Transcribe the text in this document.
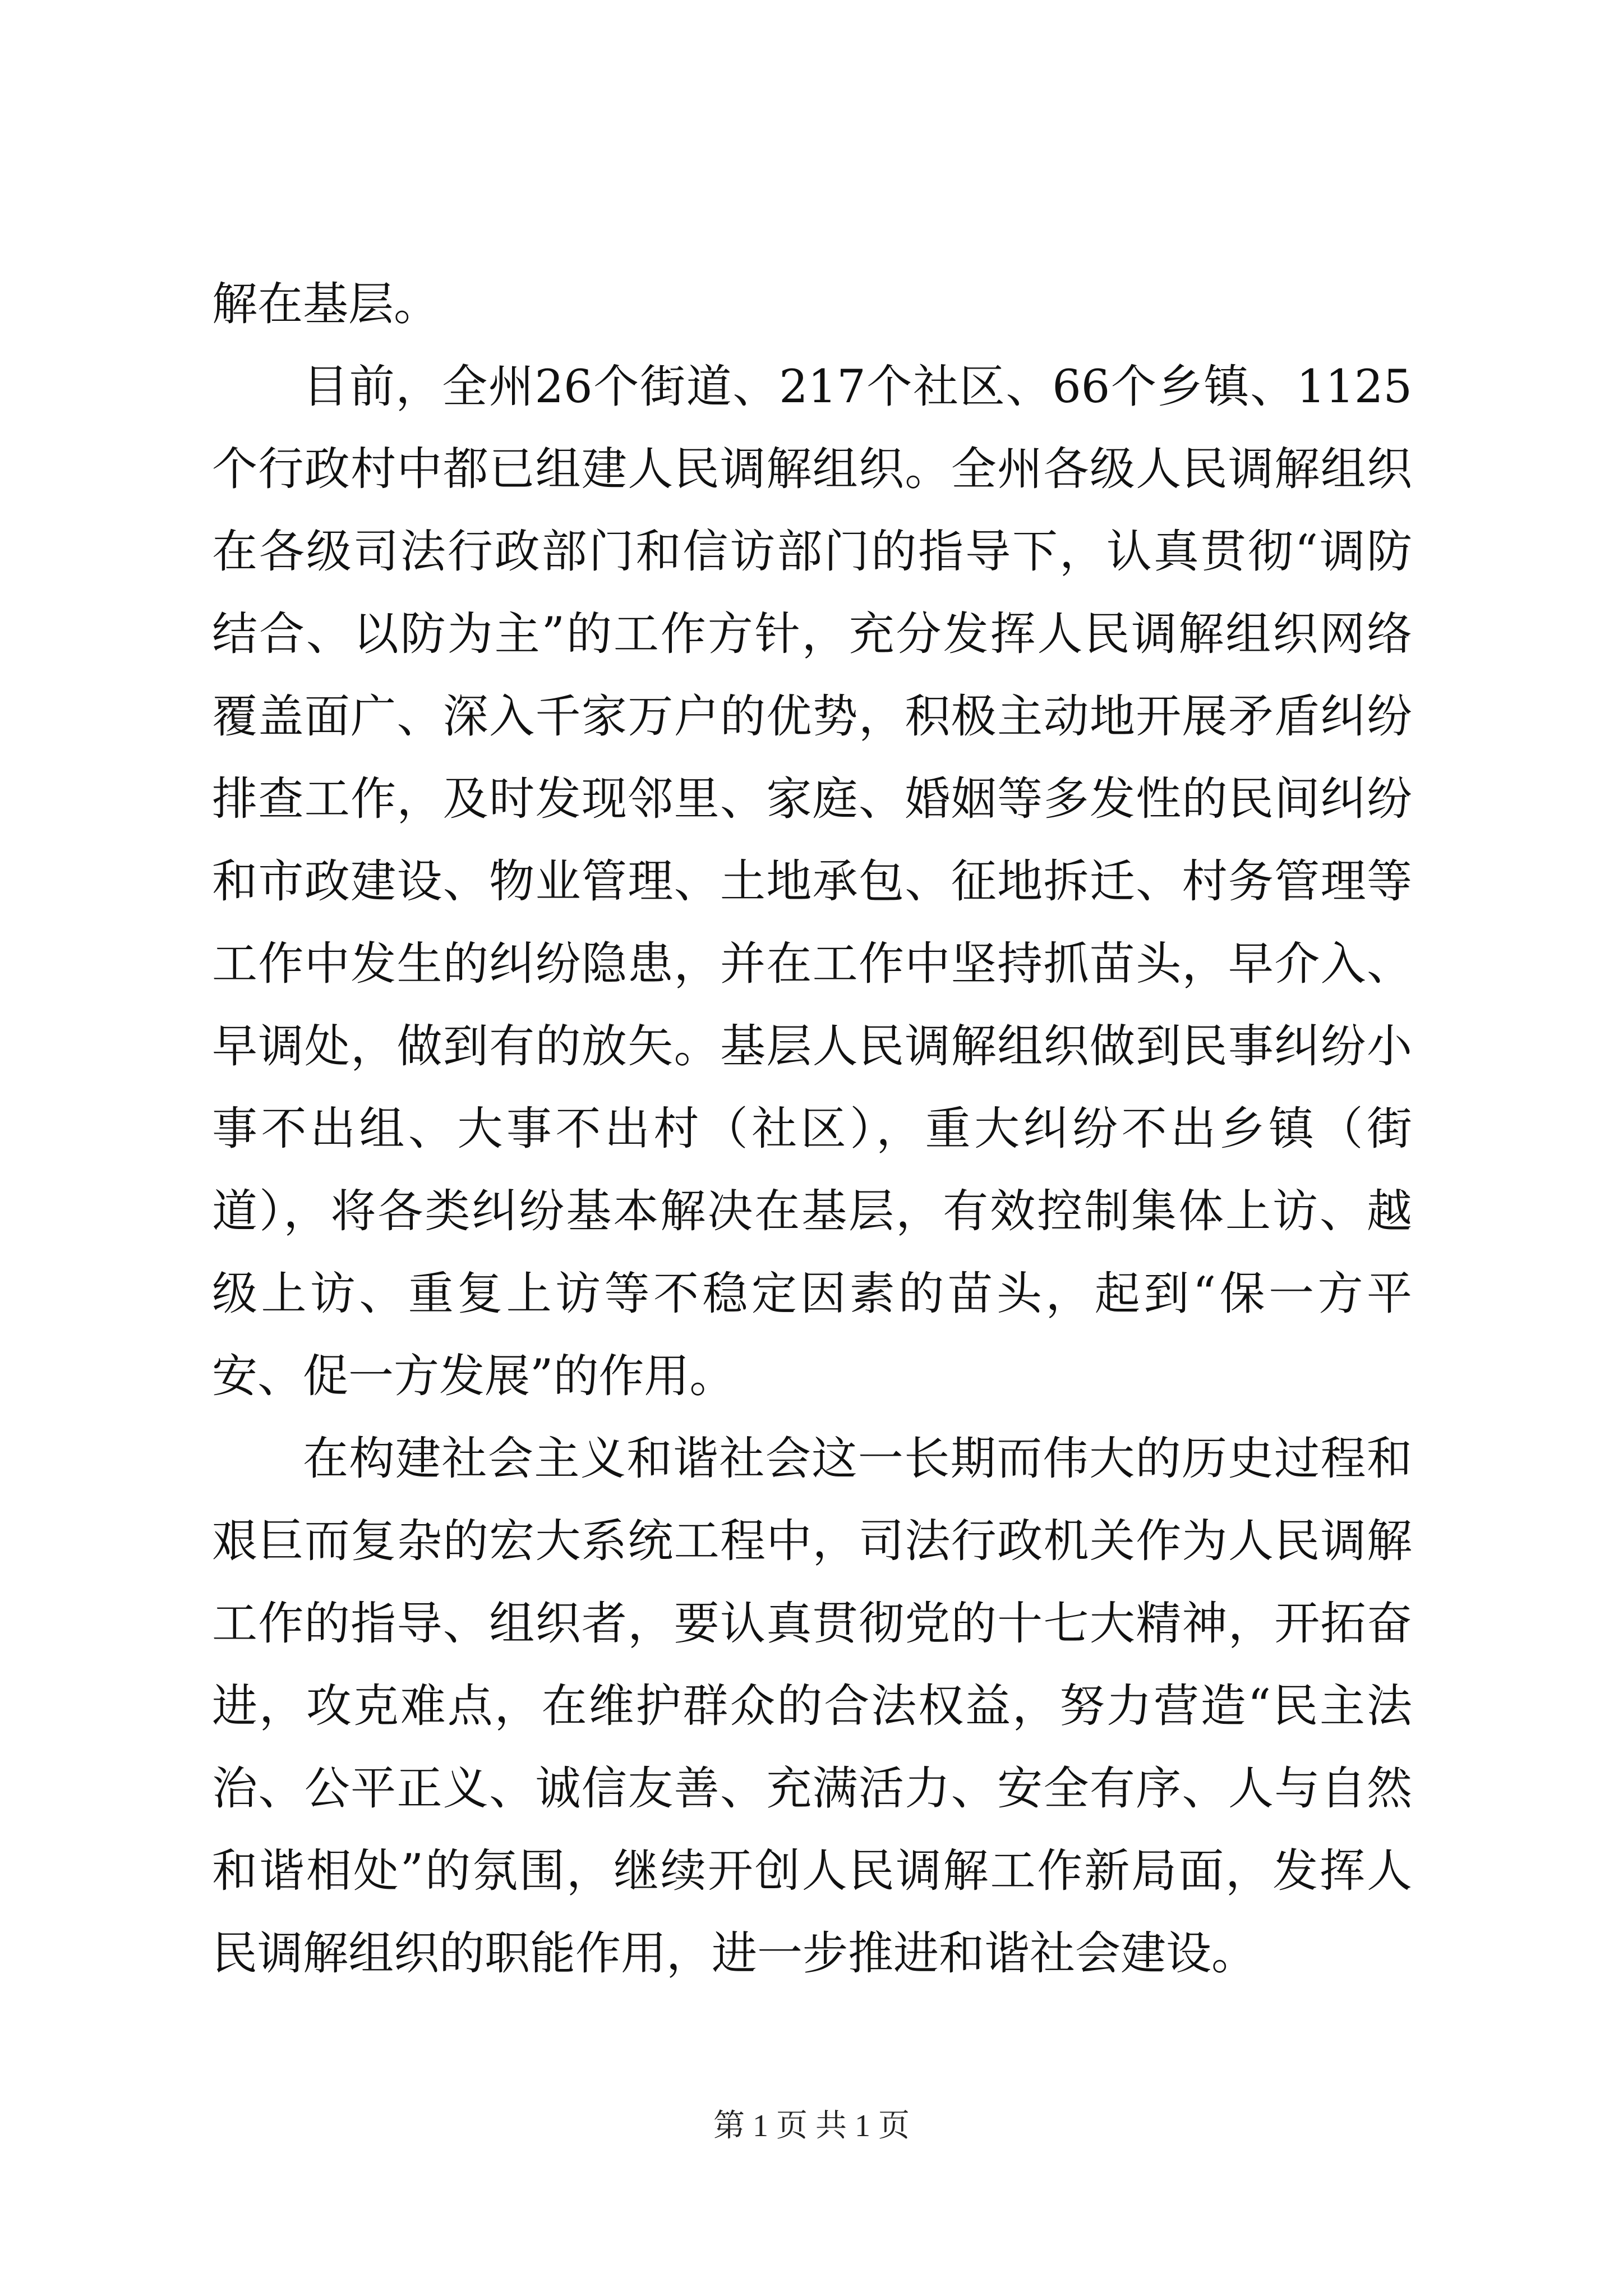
解在基层。

目前，全州26个街道、217个社区、66个乡镇、1125个行政村中都已组建人民调解组织。全州各级人民调解组织在各级司法行政部门和信访部门的指导下，认真贯彻“调防结合、以防为主”的工作方针，充分发挥人民调解组织网络覆盖面广、深入千家万户的优势，积极主动地开展矛盾纠纷排查工作，及时发现邻里、家庭、婚姻等多发性的民间纠纷和市政建设、物业管理、土地承包、征地拆迁、村务管理等工作中发生的纠纷隐患，并在工作中坚持抓苗头，早介入、早调处，做到有的放矢。基层人民调解组织做到民事纠纷小事不出组、大事不出村（社区），重大纠纷不出乡镇（街道），将各类纠纷基本解决在基层，有效控制集体上访、越级上访、重复上访等不稳定因素的苗头，起到“保一方平安、促一方发展”的作用。

在构建社会主义和谐社会这一长期而伟大的历史过程和艰巨而复杂的宏大系统工程中，司法行政机关作为人民调解工作的指导、组织者，要认真贯彻党的十七大精神，开拓奋进，攻克难点，在维护群众的合法权益，努力营造“民主法治、公平正义、诚信友善、充满活力、安全有序、人与自然和谐相处”的氛围，继续开创人民调解工作新局面，发挥人民调解组织的职能作用，进一步推进和谐社会建设。

第 1 页 共 1 页
